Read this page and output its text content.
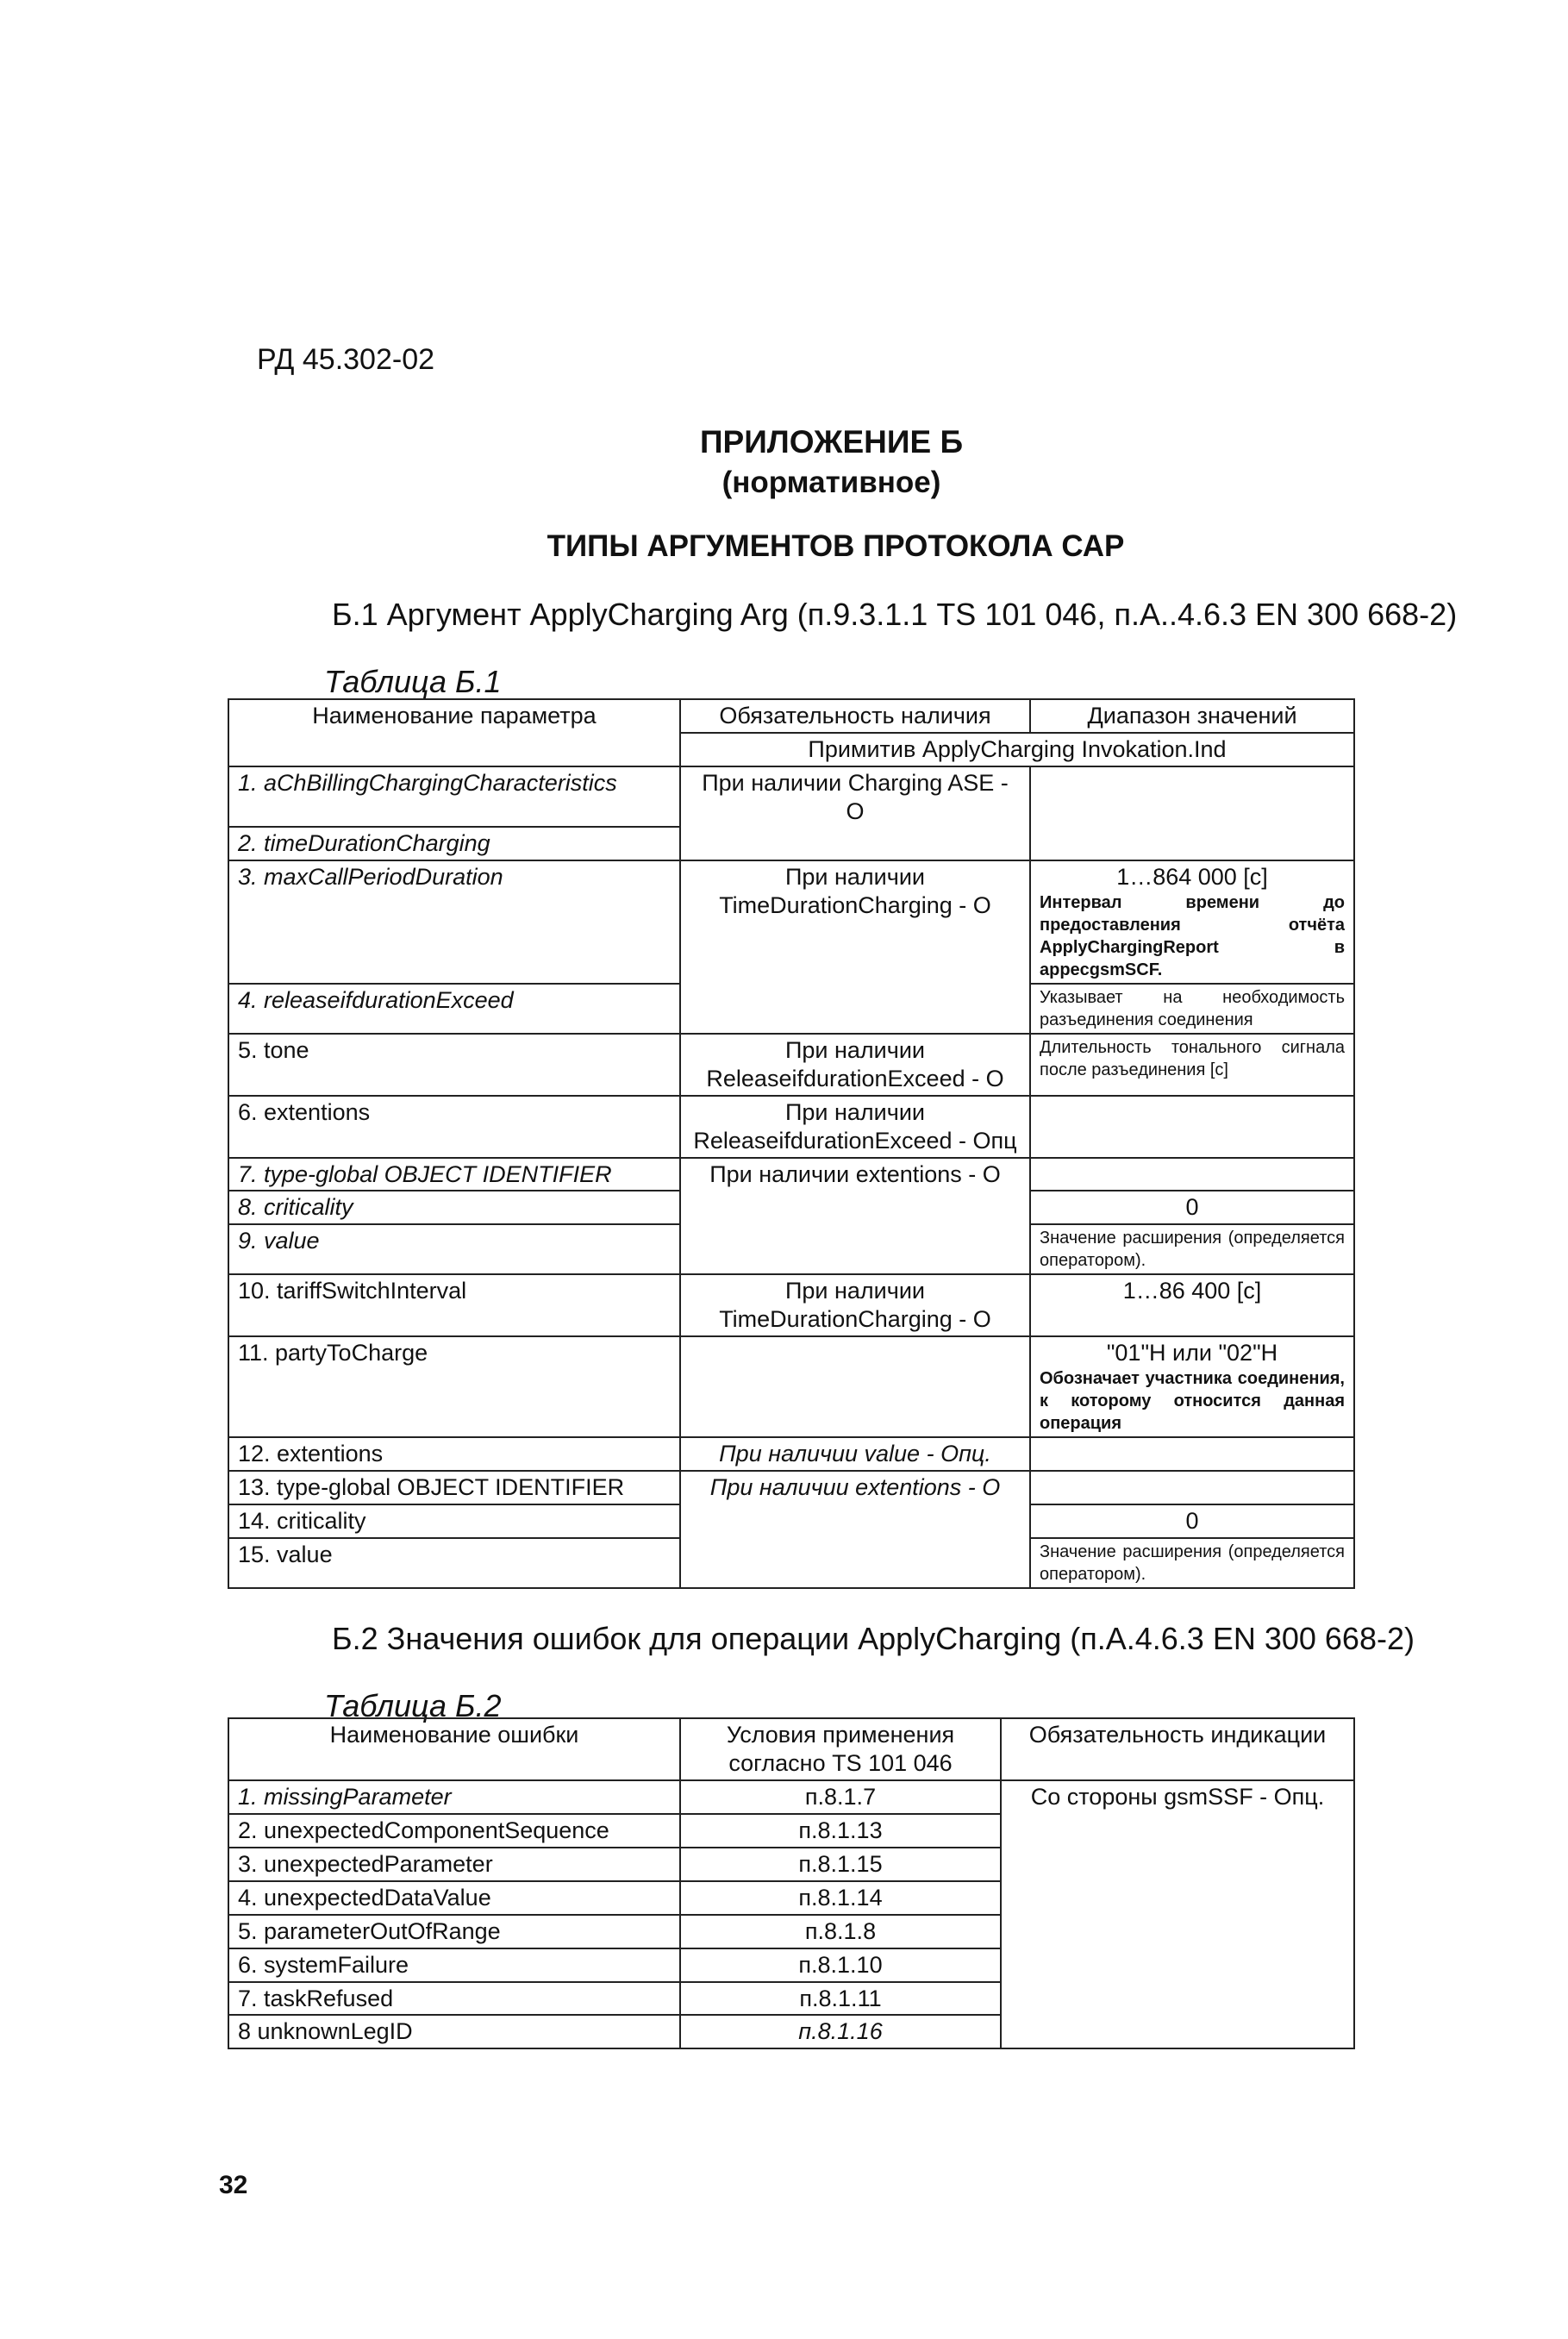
РД 45.302-02
ПРИЛОЖЕНИЕ Б
(нормативное)
ТИПЫ АРГУМЕНТОВ ПРОТОКОЛА САР
Б.1 Аргумент ApplyCharging Arg (п.9.3.1.1 TS 101 046, п.А..4.6.3 EN 300 668-2)
Таблица Б.1
Наименование параметра	Обязательность наличия	Диапазон значений
	Примитив ApplyCharging Invokation.Ind	
1. aChBillingChargingCharacteristics	При наличии Charging ASE - O	
2. timeDurationCharging		
3. maxCallPeriodDuration	При наличии TimeDurationCharging - O	1…864 000 [c]
Интервал времени до предоставления отчёта ApplyChargingReport в appecgsmSCF.

4. releaseifdurationExceed		Указывает на необходимость разъединения соединения
5. tone	При наличии ReleaseifdurationExceed - O	Длительность тонального сигнала после разъединения [c]
6. extentions	При наличии ReleaseifdurationExceed - Опц	
7. type-global OBJECT IDENTIFIER	При наличии extentions - O	
8. criticality		0
9. value		Значение расширения (определяется оператором).
10. tariffSwitchInterval	При наличии TimeDurationCharging - O	1…86 400 [c]
11. partyToCharge		"01"H или "02"H
Обозначает участника соединения, к которому относится данная операция

12. extentions	При наличии value - Опц.	
13. type-global OBJECT IDENTIFIER	При наличии extentions - O	
14. criticality		0
15. value		Значение расширения (определяется оператором).
Б.2 Значения ошибок для операции ApplyCharging (п.А.4.6.3 EN 300 668-2)
Таблица Б.2
Наименование ошибки	Условия применения согласно TS 101 046	Обязательность индикации
1. missingParameter	п.8.1.7	Со стороны gsmSSF - Опц.
2. unexpectedComponentSequence	п.8.1.13	
3. unexpectedParameter	п.8.1.15	
4. unexpectedDataValue	п.8.1.14	
5. parameterOutOfRange	п.8.1.8	
6. systemFailure	п.8.1.10	
7. taskRefused	п.8.1.11	
8 unknownLegID	п.8.1.16	
32
